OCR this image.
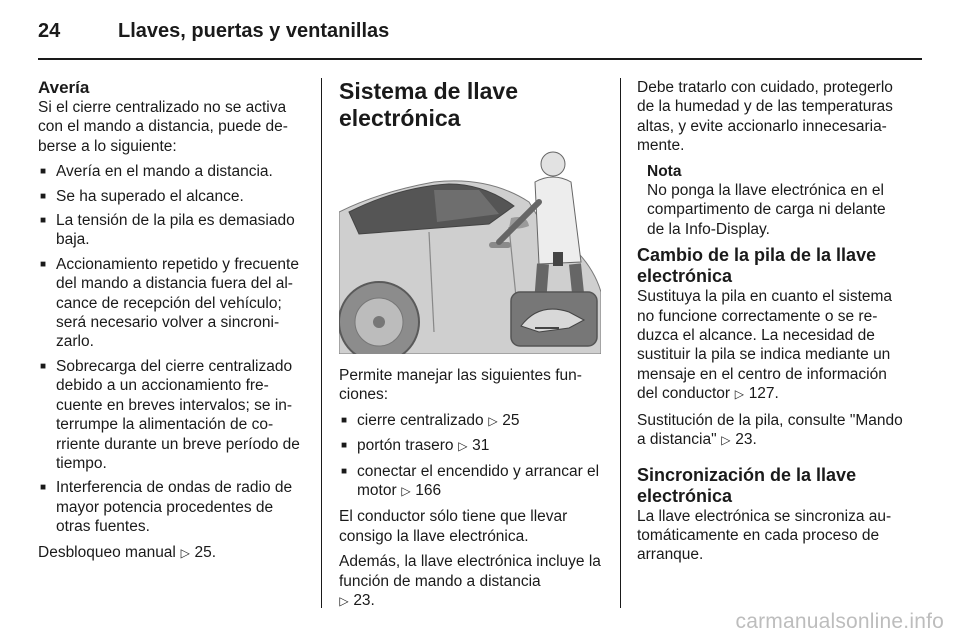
24	Llaves, puertas y ventanillas
Avería

Si el cierre centralizado no se activa con el mando a distancia, puede de- berse a lo siguiente:

■ Avería en el mando a distancia.
■ Se ha superado el alcance.
■ La tensión de la pila es demasiado baja.
■ Accionamiento repetido y frecuente del mando a distancia fuera del al- cance de recepción del vehículo; será necesario volver a sincroni- zarlo.
■ Sobrecarga del cierre centralizado debido a un accionamiento fre- cuente en breves intervalos; se in- terrumpe la alimentación de co- rriente durante un breve período de tiempo.
■ Interferencia de ondas de radio de mayor potencia procedentes de otras fuentes.

Desbloqueo manual ▷ 25.

Sistema de llave
electrónica

Permite manejar las siguientes fun- ciones:

■ cierre centralizado ▷ 25
■ portón trasero ▷ 31
■ conectar el encendido y arrancar el motor ▷ 166

El conductor sólo tiene que llevar consigo la llave electrónica.

Además, la llave electrónica incluye la función de mando a distancia
▷ 23.

Debe tratarlo con cuidado, protegerlo de la humedad y de las temperaturas altas, y evite accionarlo innecesaria- mente.

Nota
No ponga la llave electrónica en el compartimento de carga ni delante de la Info-Display.
Cambio de la pila de la llave
electrónica

Sustituya la pila en cuanto el sistema no funcione correctamente o se re- duzca el alcance. La necesidad de sustituir la pila se indica mediante un mensaje en el centro de información del conductor ▷ 127.

Sustitución de la pila, consulte "Mando a distancia" ▷ 23.

Sincronización de la llave
electrónica

La llave electrónica se sincroniza au- tomáticamente en cada proceso de arranque.

carmanualsonline.info
